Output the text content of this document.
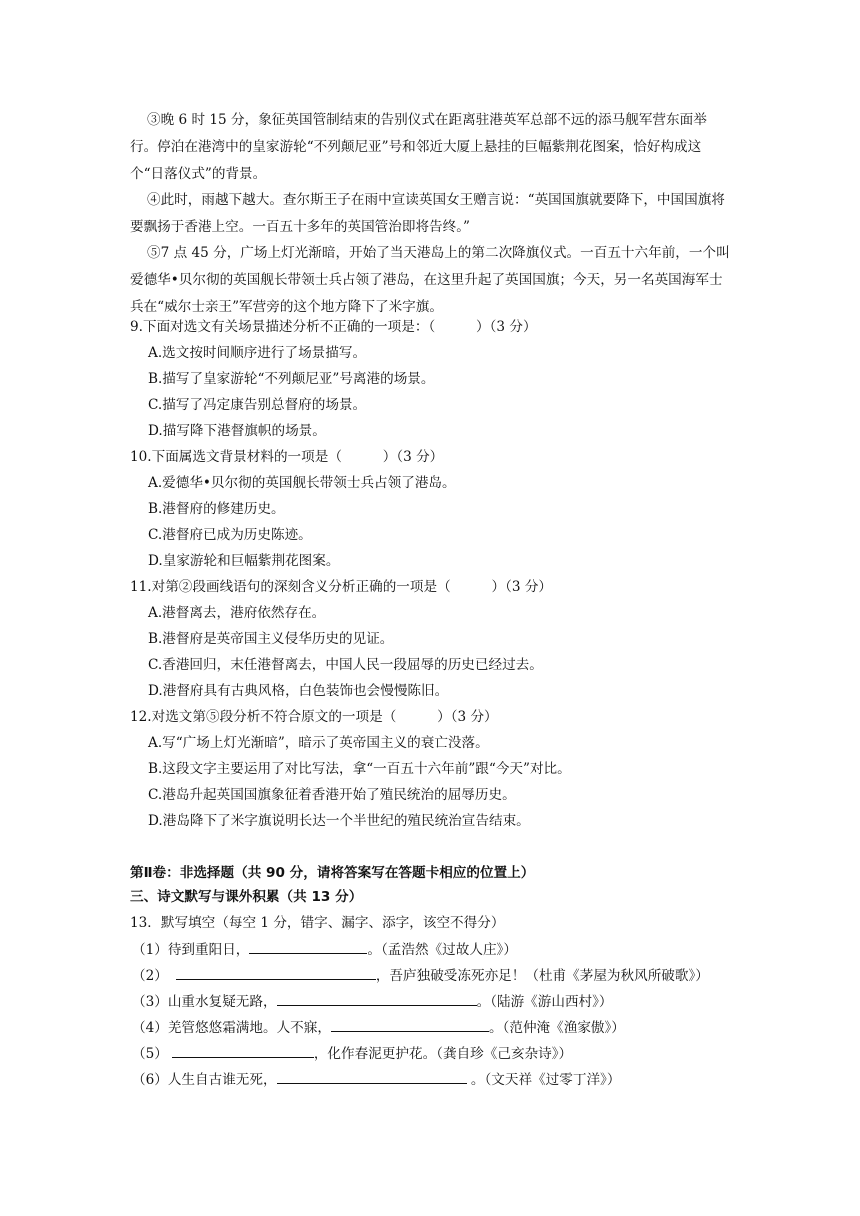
③晚 6 时 15 分，象征英国管制结束的告别仪式在距离驻港英军总部不远的添马舰军营东面举行。停泊在港湾中的皇家游轮“不列颠尼亚”号和邻近大厦上悬挂的巨幅紫荆花图案，恰好构成这个“日落仪式”的背景。

④此时，雨越下越大。查尔斯王子在雨中宣读英国女王赠言说：“英国国旗就要降下，中国国旗将要飘扬于香港上空。一百五十多年的英国管治即将告终。”

⑤7 点 45 分，广场上灯光渐暗，开始了当天港岛上的第二次降旗仪式。一百五十六年前，一个叫爱德华•贝尔彻的英国舰长带领士兵占领了港岛，在这里升起了英国国旗；今天，另一名英国海军士兵在“威尔士亲王”军营旁的这个地方降下了米字旗。

9.下面对选文有关场景描述分析不正确的一项是：（　　　）（3 分）
A.选文按时间顺序进行了场景描写。
B.描写了皇家游轮“不列颠尼亚”号离港的场景。
C.描写了冯定康告别总督府的场景。
D.描写降下港督旗帜的场景。
10.下面属选文背景材料的一项是（　　　）（3 分）
A.爱德华•贝尔彻的英国舰长带领士兵占领了港岛。
B.港督府的修建历史。
C.港督府已成为历史陈迹。
D.皇家游轮和巨幅紫荆花图案。
11.对第②段画线语句的深刻含义分析正确的一项是（　　　）（3 分）
A.港督离去，港府依然存在。
B.港督府是英帝国主义侵华历史的见证。
C.香港回归，末任港督离去，中国人民一段屈辱的历史已经过去。
D.港督府具有古典风格，白色装饰也会慢慢陈旧。
12.对选文第⑤段分析不符合原文的一项是（　　　）（3 分）
A.写“广场上灯光渐暗”，暗示了英帝国主义的衰亡没落。
B.这段文字主要运用了对比写法，拿“一百五十六年前”跟“今天”对比。
C.港岛升起英国国旗象征着香港开始了殖民统治的屈辱历史。
D.港岛降下了米字旗说明长达一个半世纪的殖民统治宣告结束。
第Ⅱ卷：非选择题（共 90 分，请将答案写在答题卡相应的位置上）
三、诗文默写与课外积累（共 13 分）
13．默写填空（每空 1 分，错字、漏字、添字，该空不得分）
（1）待到重阳日，	。（孟浩然《过故人庄》）
（2）	，吾庐独破受冻死亦足！（杜甫《茅屋为秋风所破歌》）
（3）山重水复疑无路，	。（陆游《游山西村》）
（4）羌管悠悠霜满地。人不寐，	。（范仲淹《渔家傲》）
（5）	，化作春泥更护花。（龚自珍《己亥杂诗》）
（6）人生自古谁无死，	。（文天祥《过零丁洋》）
